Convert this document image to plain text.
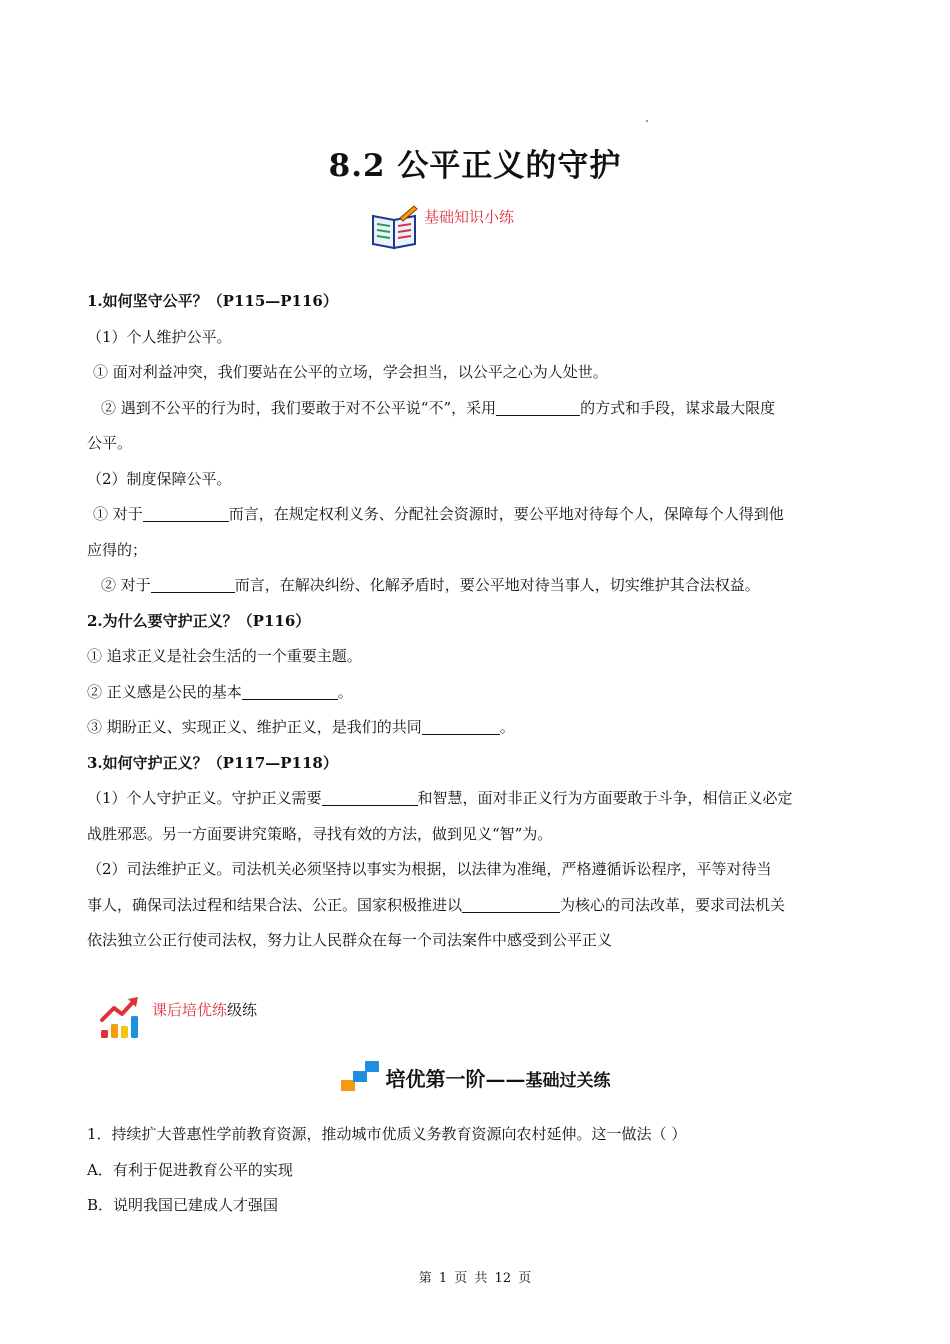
8.2 公平正义的守护
基础知识小练

1.如何坚守公平？（P115—P116）

（1）个人维护公平。

① 面对利益冲突，我们要站在公平的立场，学会担当，以公平之心为人处世。

② 遇到不公平的行为时，我们要敢于对不公平说“不”，采用	的方式和手段，谋求最大限度

公平。

（2）制度保障公平。

① 对于	而言，在规定权利义务、分配社会资源时，要公平地对待每个人，保障每个人得到他

应得的；

② 对于	而言，在解决纠纷、化解矛盾时，要公平地对待当事人，切实维护其合法权益。

2.为什么要守护正义？（P116）

① 追求正义是社会生活的一个重要主题。

② 正义感是公民的基本	。

③ 期盼正义、实现正义、维护正义，是我们的共同	。

3.如何守护正义？（P117—P118）

（1）个人守护正义。守护正义需要	和智慧，面对非正义行为方面要敢于斗争，相信正义必定

战胜邪恶。另一方面要讲究策略，寻找有效的方法，做到见义“智”为。

（2）司法维护正义。司法机关必须坚持以事实为根据，以法律为准绳，严格遵循诉讼程序，平等对待当

事人，确保司法过程和结果合法、公正。国家积极推进以	为核心的司法改革，要求司法机关

依法独立公正行使司法权，努力让人民群众在每一个司法案件中感受到公平正义

课后培优练级练
培优第一阶——基础过关练

1．持续扩大普惠性学前教育资源，推动城市优质义务教育资源向农村延伸。这一做法（ ）

A．有利于促进教育公平的实现

B．说明我国已建成人才强国

第 1 页 共 12 页
